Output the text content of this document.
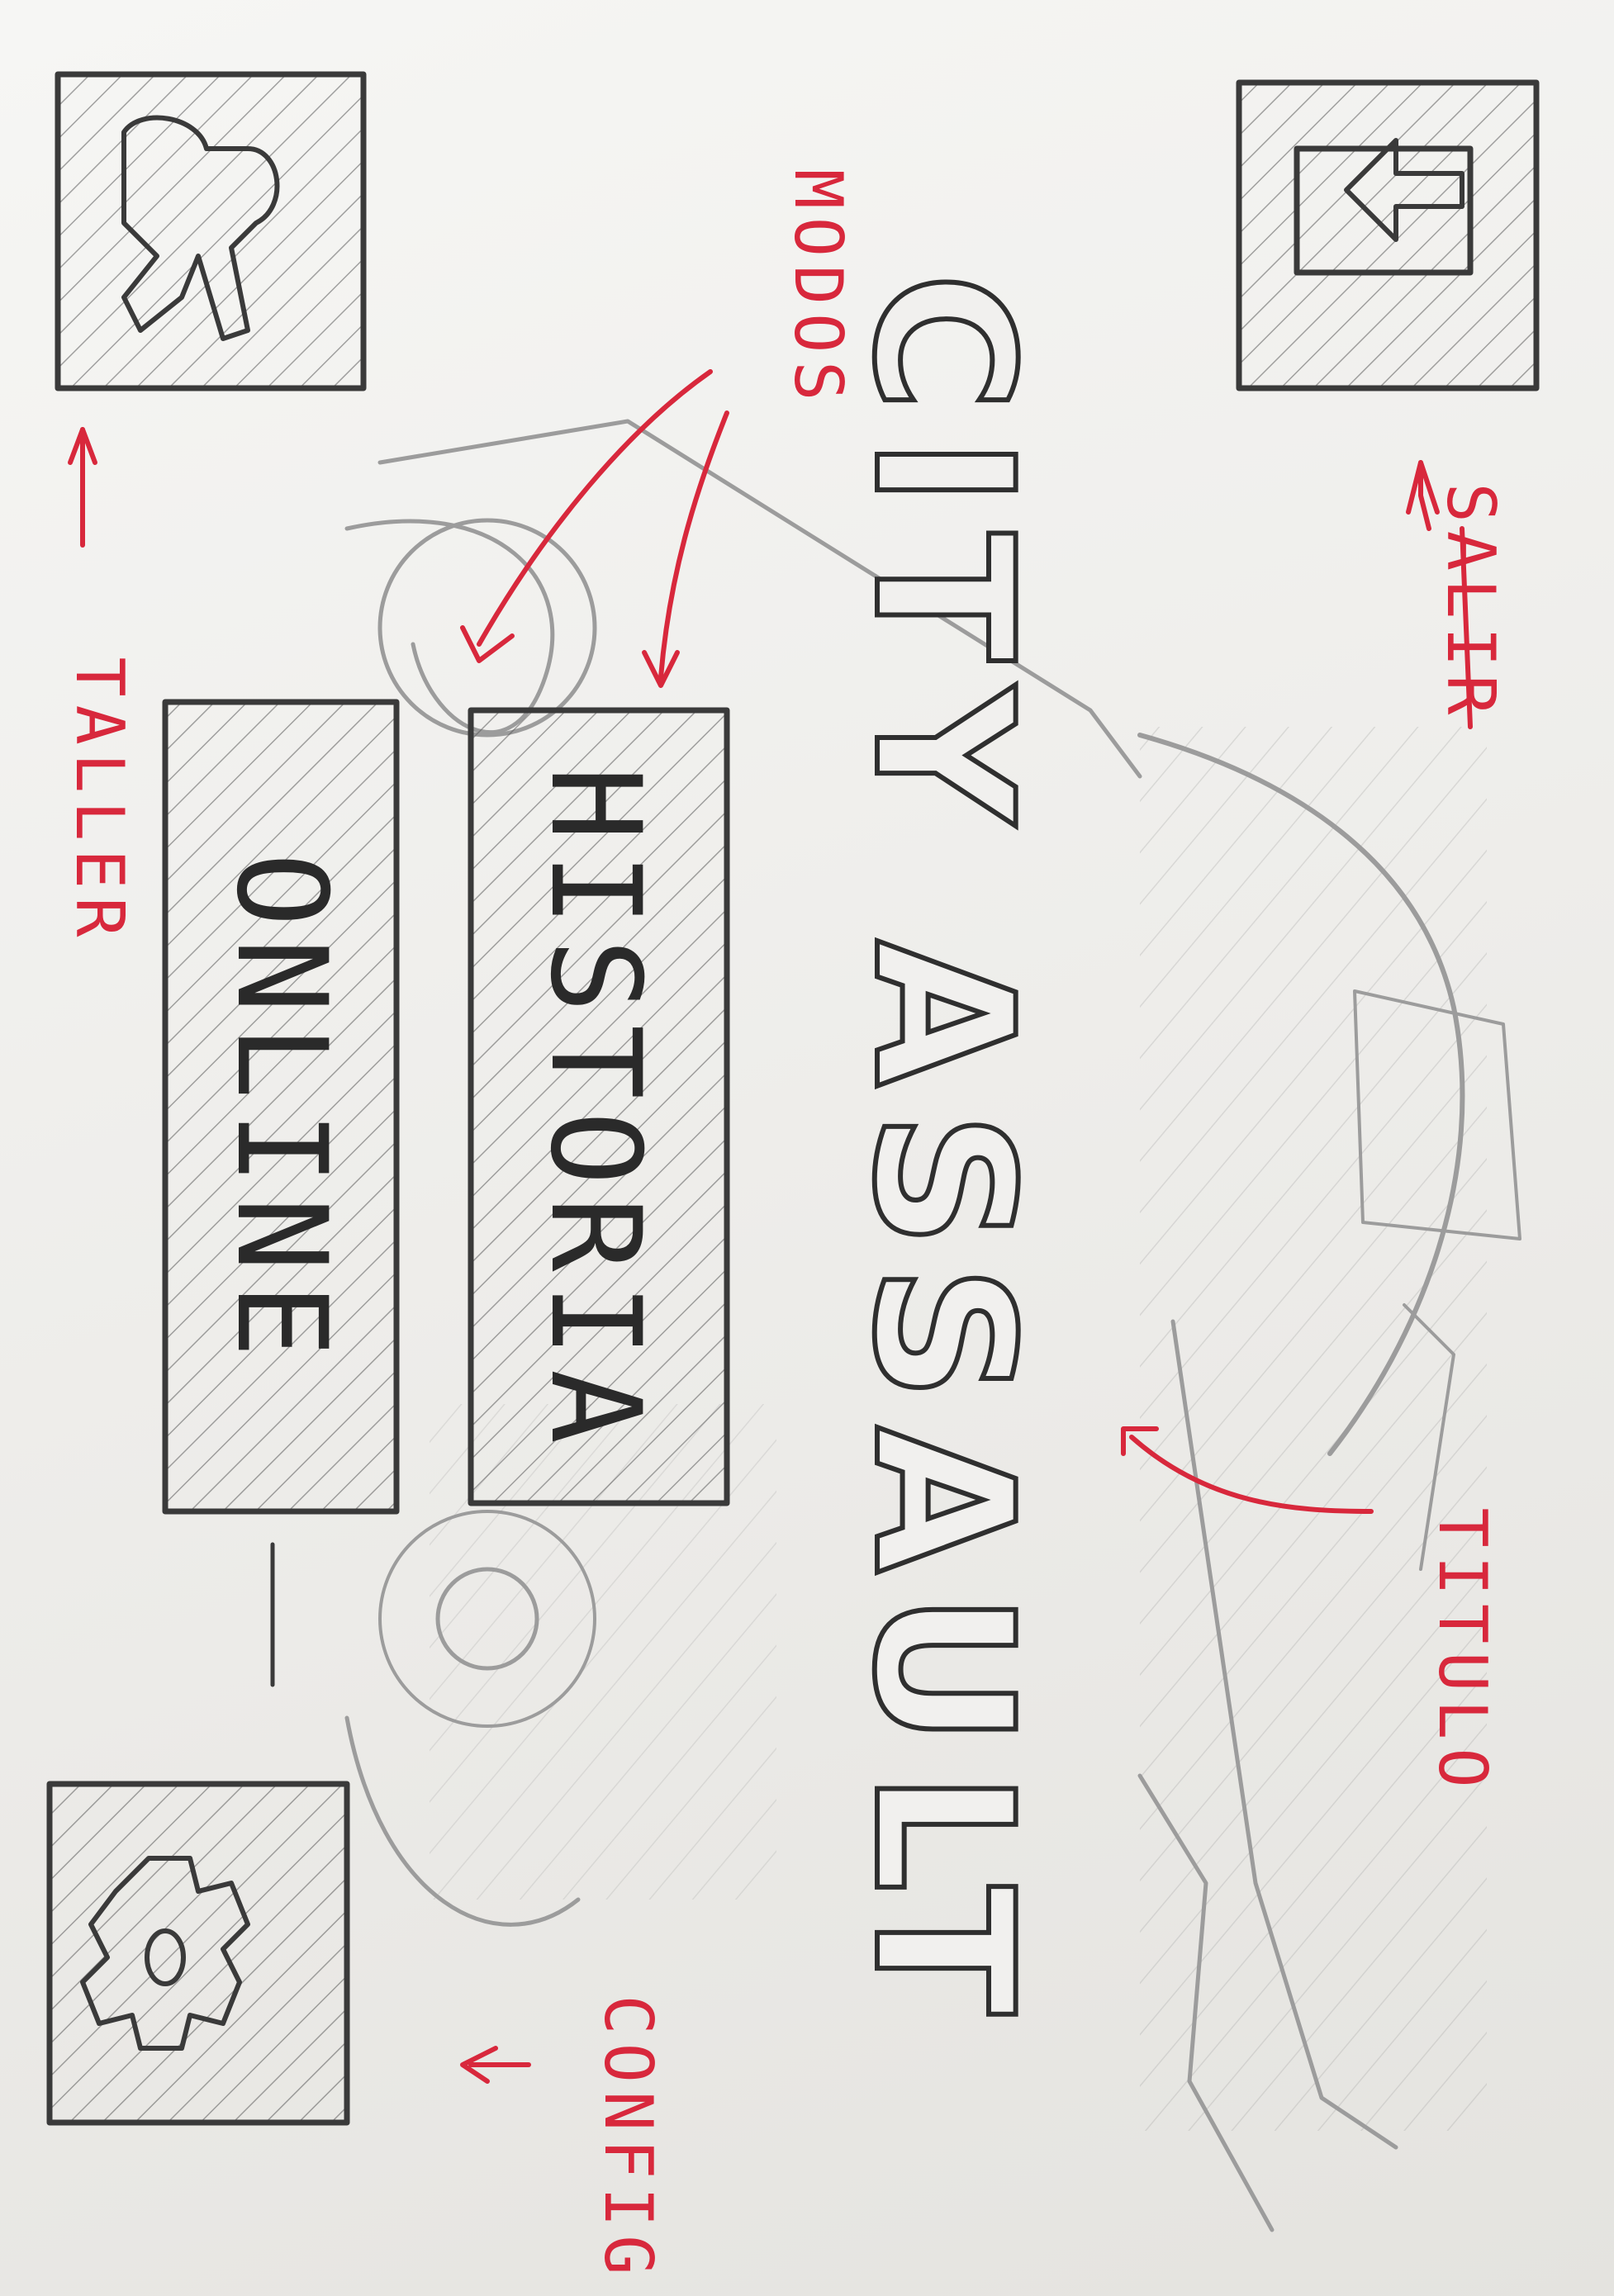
CITY ASSAULT
HISTORIA
ONLINE
SALIR
MODOS
TITULO
TALLER
CONFIG
